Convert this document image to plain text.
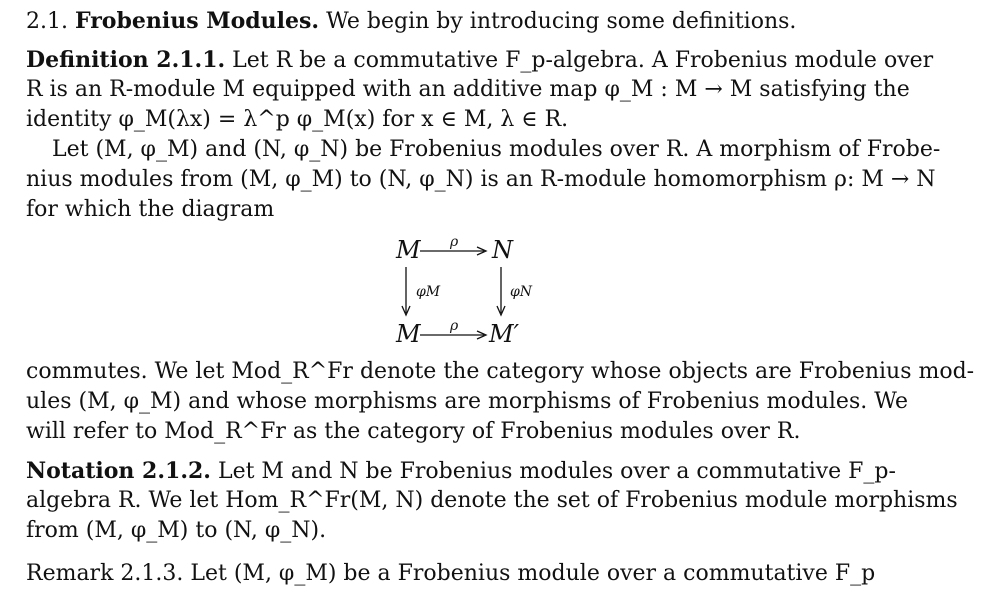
2.1. Frobenius Modules. We begin by introducing some definitions.
Definition 2.1.1. Let R be a commutative F_p-algebra. A Frobenius module over
R is an R-module M equipped with an additive map φ_M : M → M satisfying the
identity φ_M(λx) = λ^p φ_M(x) for x ∈ M, λ ∈ R.
Let (M, φ_M) and (N, φ_N) be Frobenius modules over R. A morphism of Frobe-
nius modules from (M, φ_M) to (N, φ_N) is an R-module homomorphism ρ: M → N
for which the diagram
M	N
M	M′
ρ
ρ
φM	φN
commutes. We let Mod_R^Fr denote the category whose objects are Frobenius mod-
ules (M, φ_M) and whose morphisms are morphisms of Frobenius modules. We
will refer to Mod_R^Fr as the category of Frobenius modules over R.
Notation 2.1.2. Let M and N be Frobenius modules over a commutative F_p-
algebra R. We let Hom_R^Fr(M, N) denote the set of Frobenius module morphisms
from (M, φ_M) to (N, φ_N).
Remark 2.1.3. Let (M, φ_M) be a Frobenius module over a commutative F_p
